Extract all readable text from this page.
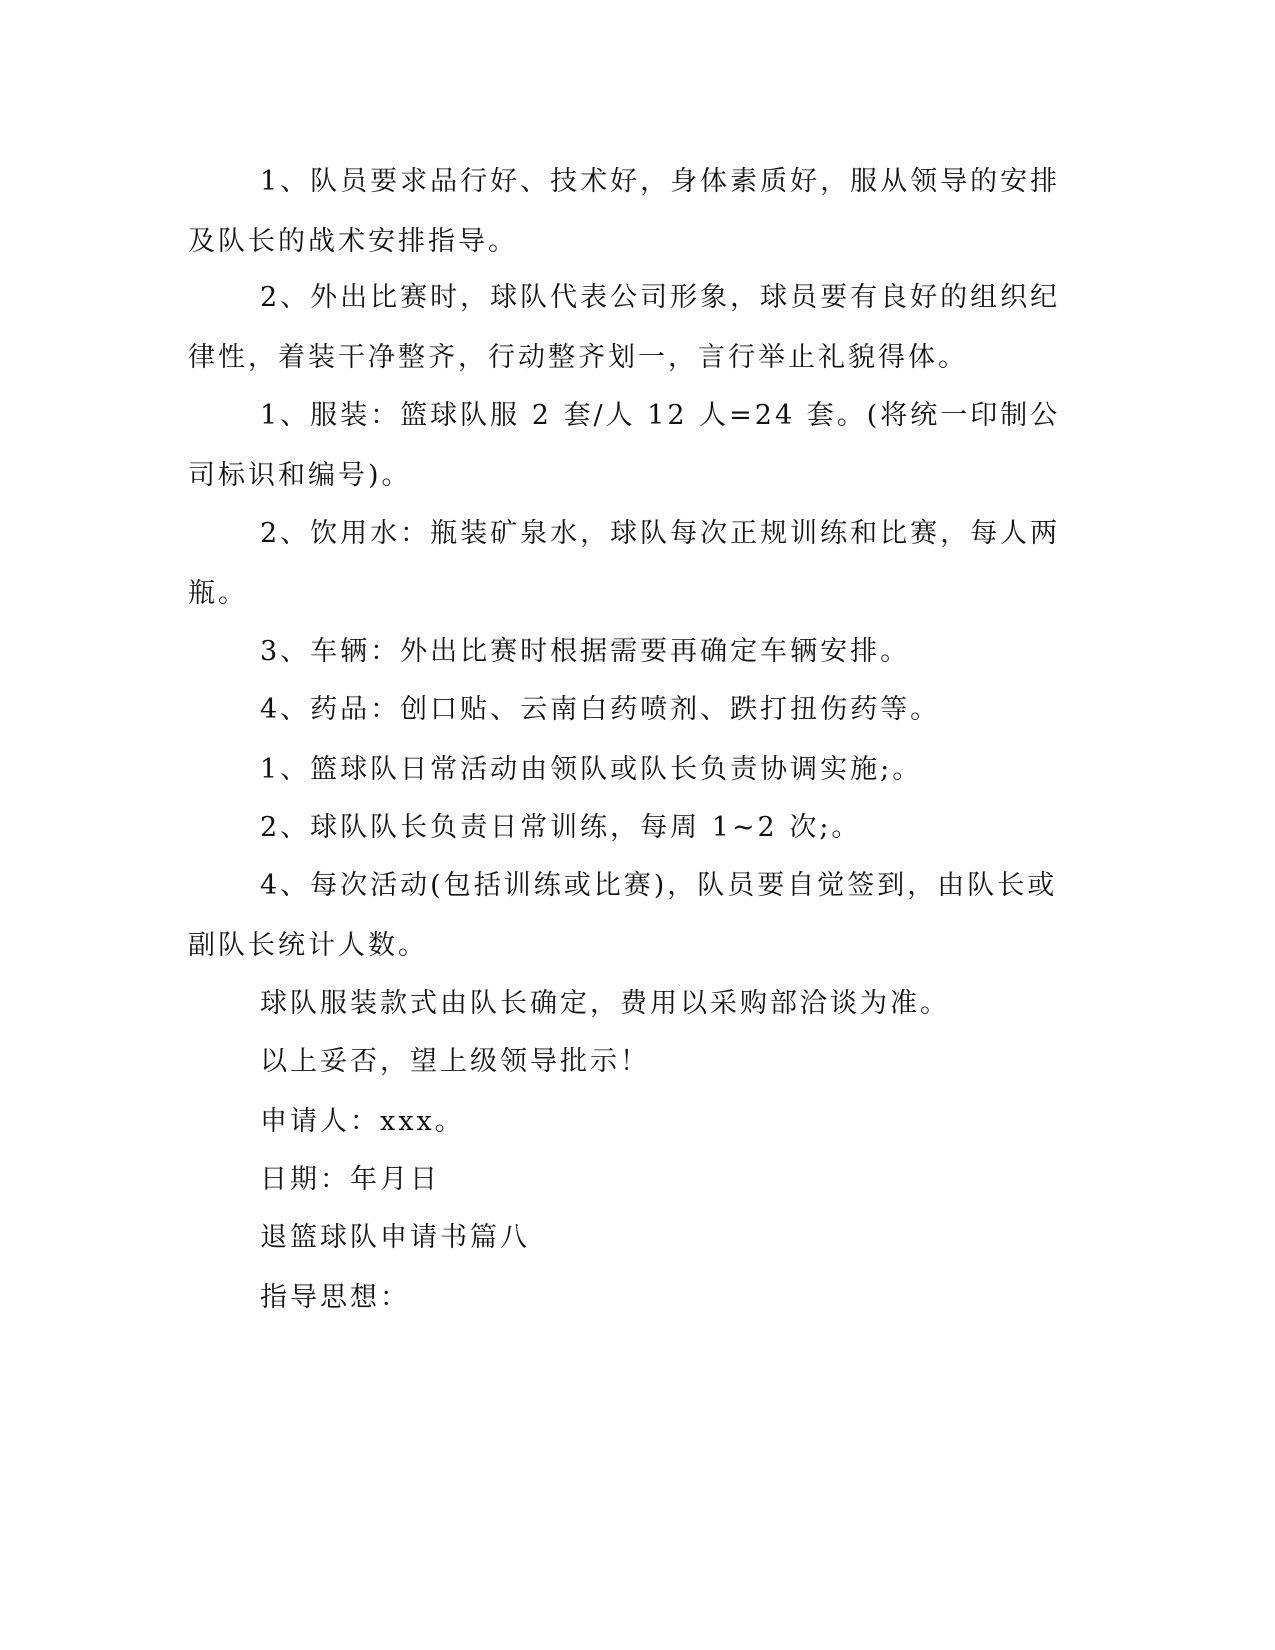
1、队员要求品行好、技术好，身体素质好，服从领导的安排及队长的战术安排指导。

2、外出比赛时，球队代表公司形象，球员要有良好的组织纪律性，着装干净整齐，行动整齐划一，言行举止礼貌得体。

1、服装：篮球队服 2 套/人 12 人=24 套。(将统一印制公司标识和编号)。

2、饮用水：瓶装矿泉水，球队每次正规训练和比赛，每人两瓶。

3、车辆：外出比赛时根据需要再确定车辆安排。

4、药品：创口贴、云南白药喷剂、跌打扭伤药等。

1、篮球队日常活动由领队或队长负责协调实施;。

2、球队队长负责日常训练，每周 1~2 次;。

4、每次活动(包括训练或比赛)，队员要自觉签到，由队长或副队长统计人数。

球队服装款式由队长确定，费用以采购部洽谈为准。

以上妥否，望上级领导批示！

申请人：xxx。

日期：年月日

退篮球队申请书篇八

指导思想：
